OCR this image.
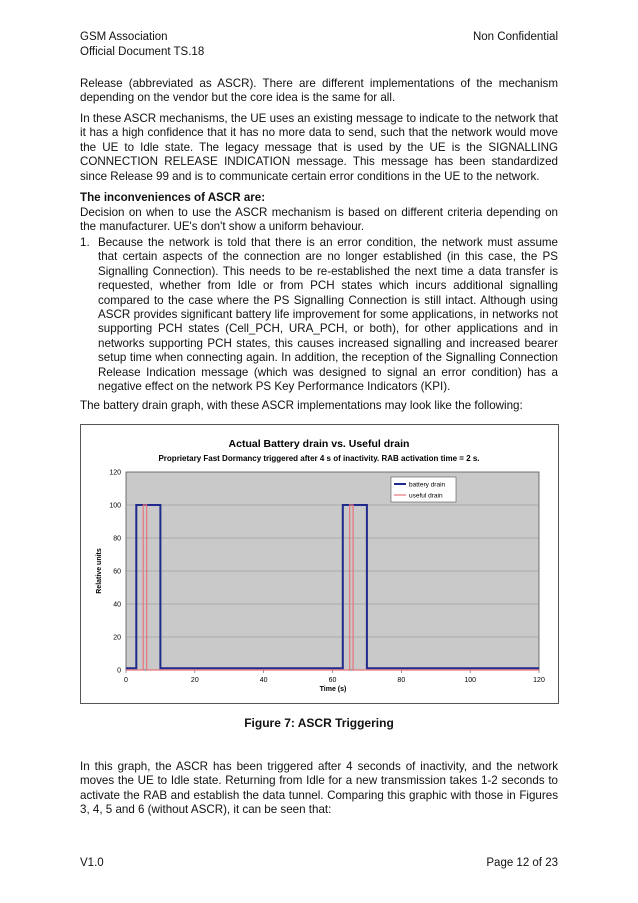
GSM Association
Official Document TS.18
Non Confidential

Release (abbreviated as ASCR). There are different implementations of the mechanism depending on the vendor but the core idea is the same for all.

In these ASCR mechanisms, the UE uses an existing message to indicate to the network that it has a high confidence that it has no more data to send, such that the network would move the UE to Idle state. The legacy message that is used by the UE is the SIGNALLING CONNECTION RELEASE INDICATION message. This message has been standardized since Release 99 and is to communicate certain error conditions in the UE to the network.

The inconveniences of ASCR are:

Decision on when to use the ASCR mechanism is based on different criteria depending on the manufacturer. UE's don't show a uniform behaviour.

1. Because the network is told that there is an error condition, the network must assume that certain aspects of the connection are no longer established (in this case, the PS Signalling Connection). This needs to be re-established the next time a data transfer is requested, whether from Idle or from PCH states which incurs additional signalling compared to the case where the PS Signalling Connection is still intact. Although using ASCR provides significant battery life improvement for some applications, in networks not supporting PCH states (Cell_PCH, URA_PCH, or both), for other applications and in networks supporting PCH states, this causes increased signalling and increased bearer setup time when connecting again. In addition, the reception of the Signalling Connection Release Indication message (which was designed to signal an error condition) has a negative effect on the network PS Key Performance Indicators (KPI).

The battery drain graph, with these ASCR implementations may look like the following:

Actual Battery drain vs. Useful drain
Proprietary Fast Dormancy triggered after 4 s of inactivity. RAB activation time = 2 s.
Relative units
Time (s)
0	20	40	60	80	100	120
0
20
40
60
80
100
120
battery drain
useful drain
Figure 7: ASCR Triggering

In this graph, the ASCR has been triggered after 4 seconds of inactivity, and the network moves the UE to Idle state. Returning from Idle for a new transmission takes 1-2 seconds to activate the RAB and establish the data tunnel. Comparing this graphic with those in Figures 3, 4, 5 and 6 (without ASCR), it can be seen that:

V1.0	Page 12 of 23
